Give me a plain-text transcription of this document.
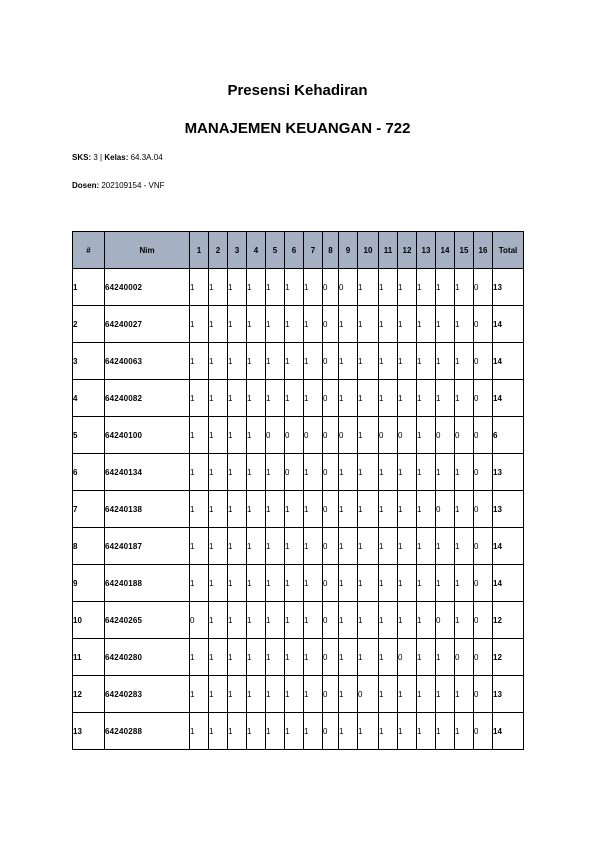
Presensi Kehadiran
MANAJEMEN KEUANGAN - 722

SKS: 3 | Kelas: 64.3A.04

Dosen: 202109154 - VNF

#	Nim	1	2	3	4	5	6	7	8	9	10	11	12	13	14	15	16	Total
1	64240002	1	1	1	1	1	1	1	0	0	1	1	1	1	1	1	0	13
2	64240027	1	1	1	1	1	1	1	0	1	1	1	1	1	1	1	0	14
3	64240063	1	1	1	1	1	1	1	0	1	1	1	1	1	1	1	0	14
4	64240082	1	1	1	1	1	1	1	0	1	1	1	1	1	1	1	0	14
5	64240100	1	1	1	1	0	0	0	0	0	1	0	0	1	0	0	0	6
6	64240134	1	1	1	1	1	0	1	0	1	1	1	1	1	1	1	0	13
7	64240138	1	1	1	1	1	1	1	0	1	1	1	1	1	0	1	0	13
8	64240187	1	1	1	1	1	1	1	0	1	1	1	1	1	1	1	0	14
9	64240188	1	1	1	1	1	1	1	0	1	1	1	1	1	1	1	0	14
10	64240265	0	1	1	1	1	1	1	0	1	1	1	1	1	0	1	0	12
11	64240280	1	1	1	1	1	1	1	0	1	1	1	0	1	1	0	0	12
12	64240283	1	1	1	1	1	1	1	0	1	0	1	1	1	1	1	0	13
13	64240288	1	1	1	1	1	1	1	0	1	1	1	1	1	1	1	0	14
